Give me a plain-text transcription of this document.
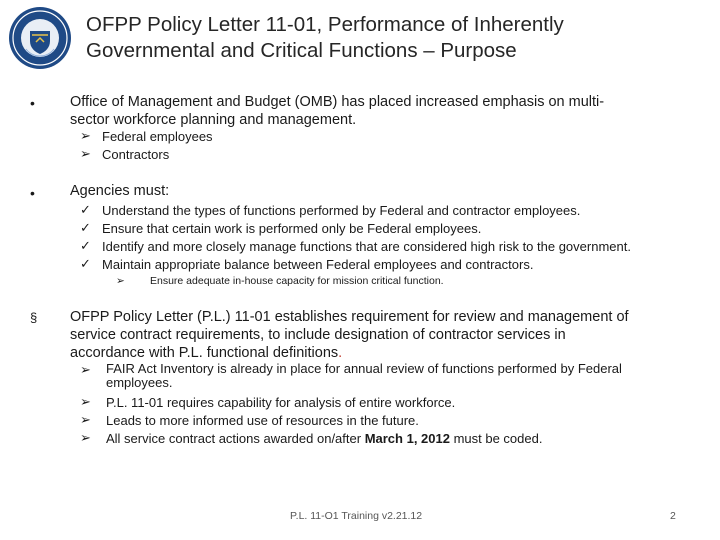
OFPP Policy Letter 11-01, Performance of Inherently
Governmental and Critical Functions – Purpose
• Office of Management and Budget (OMB) has placed increased emphasis on multi-
sector workforce planning and management.
➢ Federal employees
➢ Contractors
• Agencies must:
✓ Understand the types of functions performed by Federal and contractor employees.
✓ Ensure that certain work is performed only be Federal employees.
✓ Identify and more closely manage functions that are considered high risk to the government.
✓ Maintain appropriate balance between Federal employees and contractors.
➢ Ensure adequate in-house capacity for mission critical function.
§ OFPP Policy Letter (P.L.) 11-01 establishes requirement for review and management of
service contract requirements, to include designation of contractor services in
accordance with P.L. functional definitions.
➢ FAIR Act Inventory is already in place for annual review of functions performed by Federal
employees.
➢ P.L. 11-01 requires capability for analysis of entire workforce.
➢ Leads to more informed use of resources in the future.
➢ All service contract actions awarded on/after March 1, 2012 must be coded.
P.L. 11-O1 Training v2.21.12	2
